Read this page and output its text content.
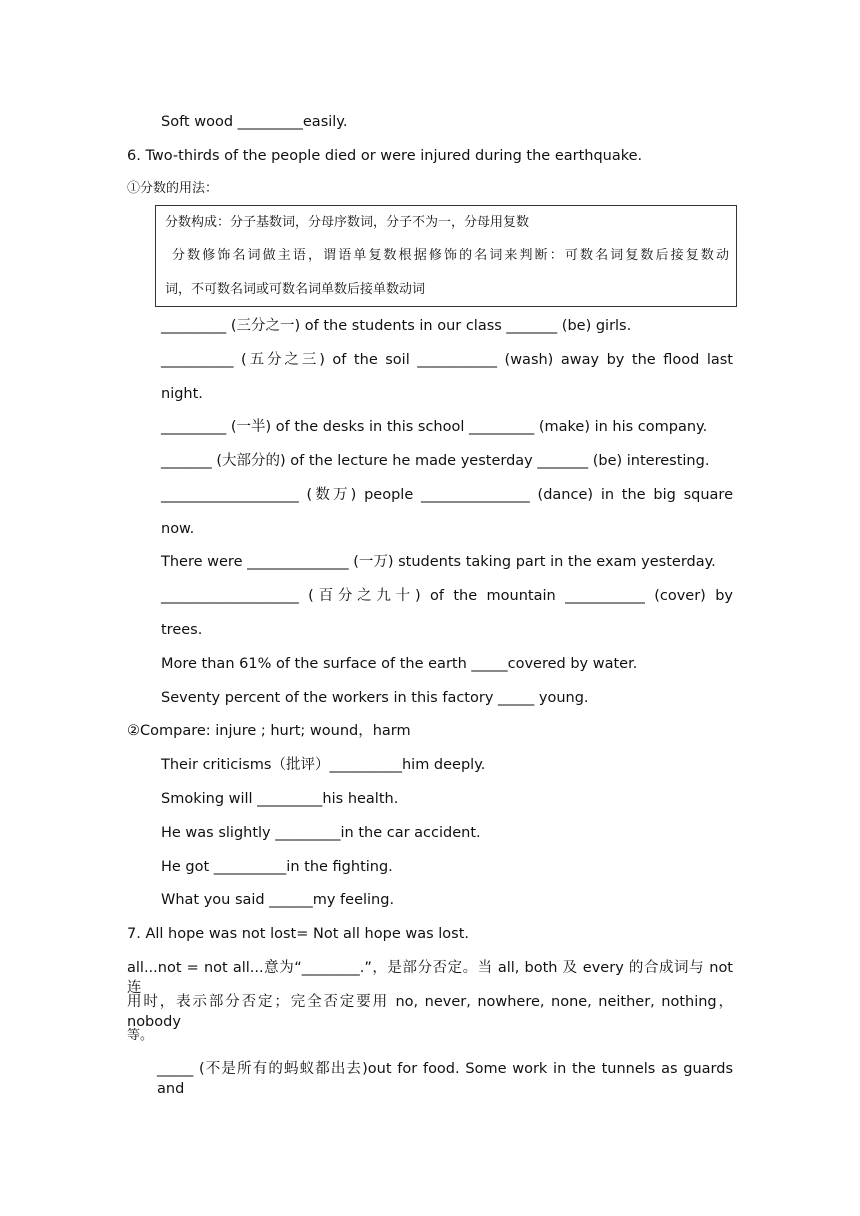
Soft wood _________easily.
6. Two-thirds of the people died or were injured during the earthquake.
①分数的用法：
分数构成：分子基数词，分母序数词，分子不为一，分母用复数
分数修饰名词做主语，谓语单复数根据修饰的名词来判断：可数名词复数后接复数动
词，不可数名词或可数名词单数后接单数动词
_________ (三分之一) of the students in our class _______ (be) girls.
__________ (五分之三) of the soil ___________ (wash) away by the flood last
night.
_________ (一半) of the desks in this school _________ (make) in his company.
_______ (大部分的) of the lecture he made yesterday _______ (be) interesting.
___________________ (数万) people _______________ (dance) in the big square
now.
There were ______________ (一万) students taking part in the exam yesterday.
___________________ (百分之九十) of the mountain ___________ (cover) by
trees.
More than 61% of the surface of the earth _____covered by water.
Seventy percent of the workers in this factory _____ young.
②Compare: injure ; hurt; wound，harm
Their criticisms（批评）__________him deeply.
Smoking will _________his health.
He was slightly _________in the car accident.
He got __________in the fighting.
What you said ______my feeling.
7. All hope was not lost= Not all hope was lost.
all...not = not all...意为“________.”，是部分否定。当 all, both 及 every 的合成词与 not 连
用时，表示部分否定；完全否定要用 no, never, nowhere, none, neither, nothing， nobody
等。
_____ (不是所有的蚂蚁都出去)out for food. Some work in the tunnels as guards and
